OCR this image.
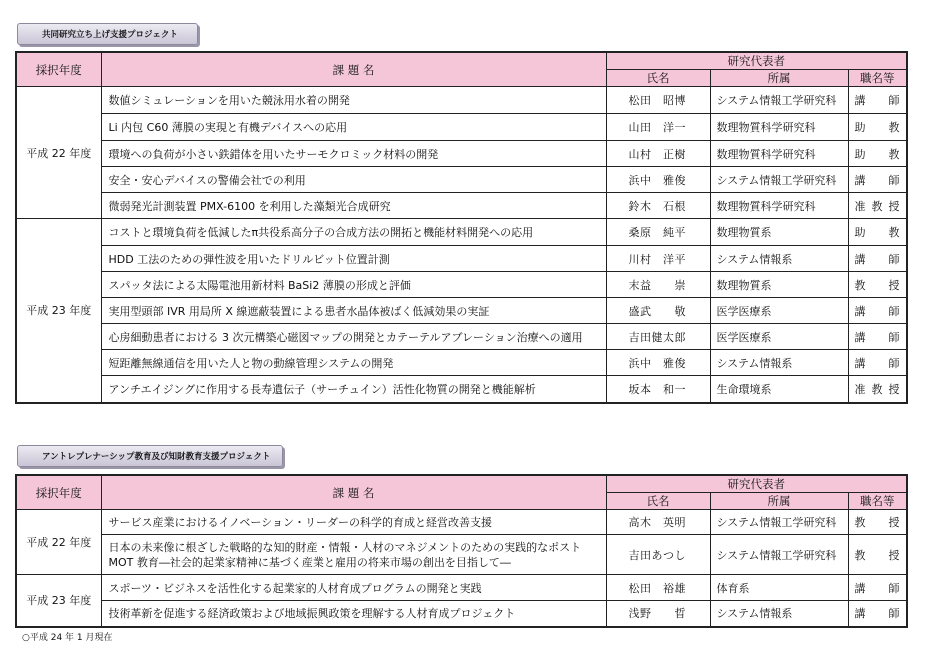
共同研究立ち上げ支援プロジェクト
採択年度	課 題 名	研究代表者		
		氏名	所属	職名等
平成 22 年度	数値シミュレーションを用いた競泳用水着の開発	松田　昭博	システム情報工学研究科	講　師
	Li 内包 C60 薄膜の実現と有機デバイスへの応用	山田　洋一	数理物質科学研究科	助　教
	環境への負荷が小さい鉄錯体を用いたサーモクロミック材料の開発	山村　正樹	数理物質科学研究科	助　教
	安全・安心デバイスの警備会社での利用	浜中　雅俊	システム情報工学研究科	講　師
	微弱発光計測装置 PMX-6100 を利用した藻類光合成研究	鈴木　石根	数理物質科学研究科	准教授
平成 23 年度	コストと環境負荷を低減したπ共役系高分子の合成方法の開拓と機能材料開発への応用	桑原　純平	数理物質系	助　教
	HDD 工法のための弾性波を用いたドリルビット位置計測	川村　洋平	システム情報系	講　師
	スパッタ法による太陽電池用新材料 BaSi2 薄膜の形成と評価	末益　　崇	数理物質系	教　授
	実用型頭部 IVR 用局所 X 線遮蔽装置による患者水晶体被ばく低減効果の実証	盛武　　敬	医学医療系	講　師
	心房細動患者における 3 次元構築心磁図マップの開発とカテーテルアブレーション治療への適用	吉田健太郎	医学医療系	講　師
	短距離無線通信を用いた人と物の動線管理システムの開発	浜中　雅俊	システム情報系	講　師
	アンチエイジングに作用する長寿遺伝子（サーチュイン）活性化物質の開発と機能解析	坂本　和一	生命環境系	准教授
アントレプレナーシップ教育及び知財教育支援プロジェクト
採択年度	課 題 名	研究代表者		
		氏名	所属	職名等
平成 22 年度	サービス産業におけるイノベーション・リーダーの科学的育成と経営改善支援	高木　英明	システム情報工学研究科	教　授
	日本の未来像に根ざした戦略的な知的財産・情報・人材のマネジメントのための実践的なポスト MOT 教育―社会的起業家精神に基づく産業と雇用の将来市場の創出を目指して―	吉田あつし	システム情報工学研究科	教　授
平成 23 年度	スポーツ・ビジネスを活性化する起業家的人材育成プログラムの開発と実践	松田　裕雄	体育系	講　師
	技術革新を促進する経済政策および地域振興政策を理解する人材育成プロジェクト	浅野　　晢	システム情報系	講　師
○平成 24 年 1 月現在
